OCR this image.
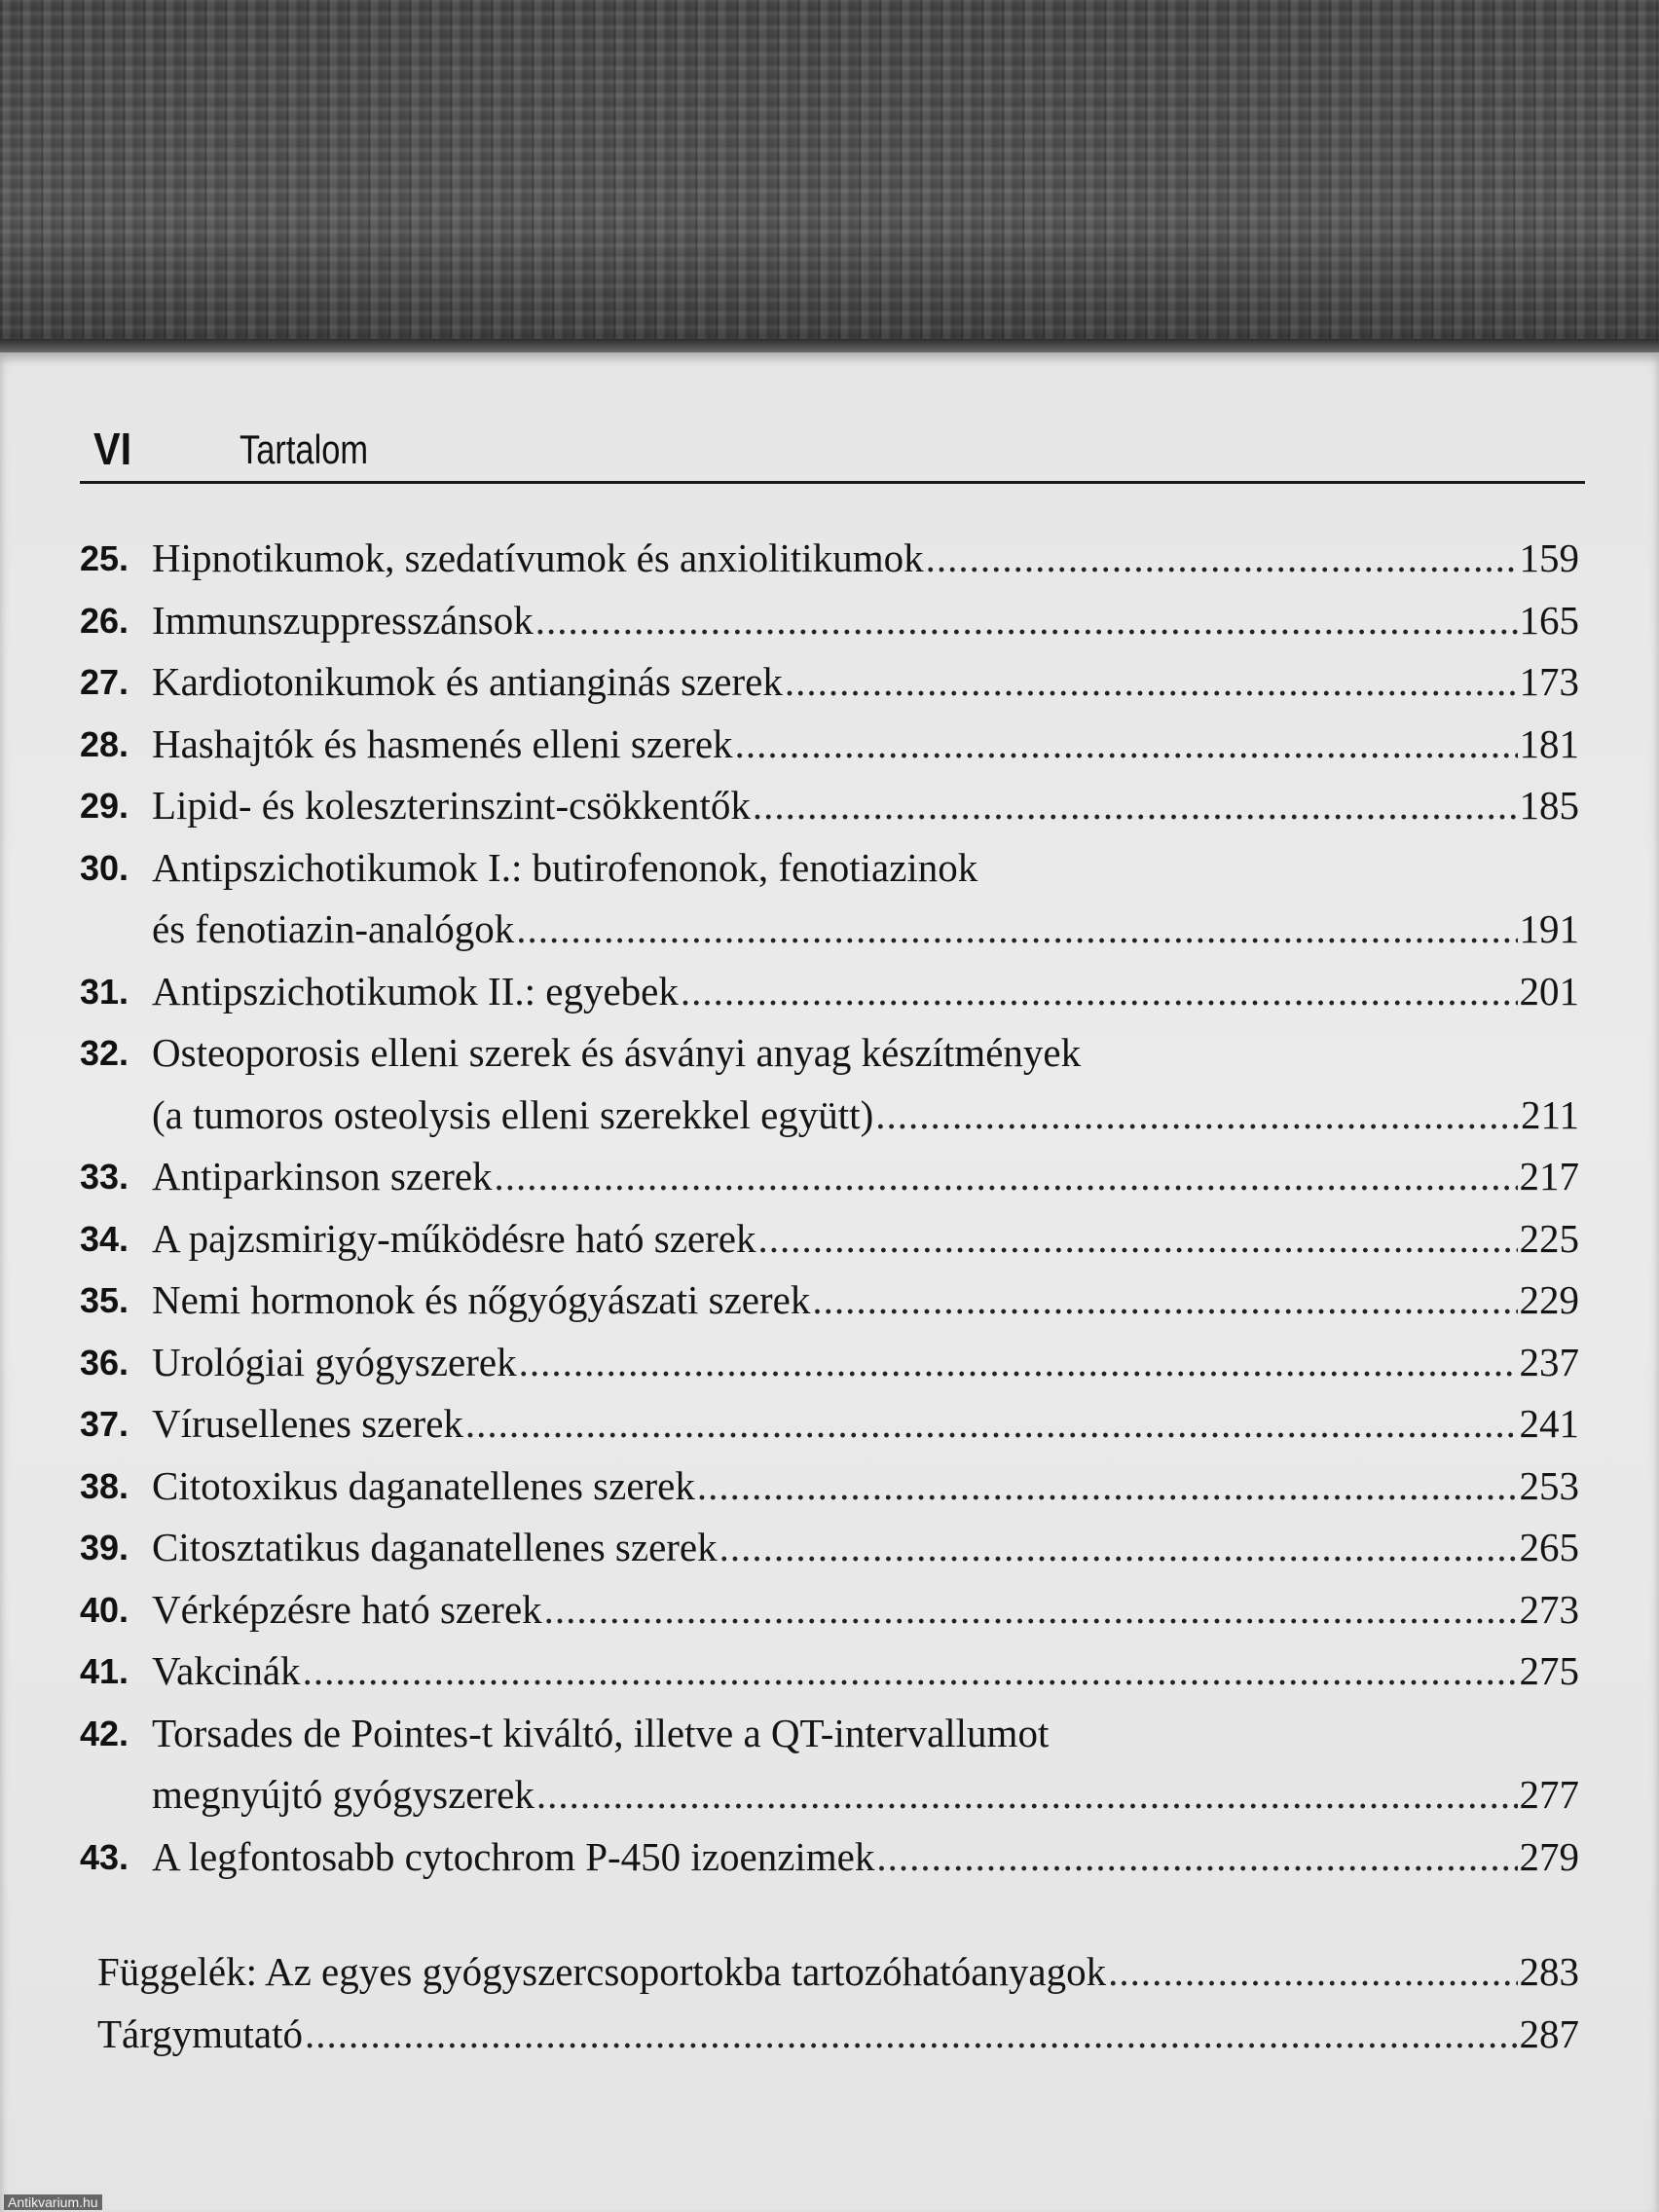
VI	Tartalom
25. Hipnotikumok, szedatívumok és anxiolitikumok .....	159
26. Immunszuppresszánsok .....	165
27. Kardiotonikumok és antianginás szerek .....	173
28. Hashajtók és hasmenés elleni szerek .....	181
29. Lipid- és koleszterinszint-csökkentők .....	185
30. Antipszichotikumok I.: butirofenonok, fenotiazinok
és fenotiazin-analógok .....	191
31. Antipszichotikumok II.: egyebek .....	201
32. Osteoporosis elleni szerek és ásványi anyag készítmények
(a tumoros osteolysis elleni szerekkel együtt) .....	211
33. Antiparkinson szerek .....	217
34. A pajzsmirigy-működésre ható szerek .....	225
35. Nemi hormonok és nőgyógyászati szerek .....	229
36. Urológiai gyógyszerek .....	237
37. Vírusellenes szerek .....	241
38. Citotoxikus daganatellenes szerek .....	253
39. Citosztatikus daganatellenes szerek .....	265
40. Vérképzésre ható szerek .....	273
41. Vakcinák .....	275
42. Torsades de Pointes-t kiváltó, illetve a QT-intervallumot
megnyújtó gyógyszerek .....	277
43. A legfontosabb cytochrom P-450 izoenzimek .....	279
Függelék: Az egyes gyógyszercsoportokba tartozóhatóanyagok .....	283
Tárgymutató .....	287
Antikvarium.hu
